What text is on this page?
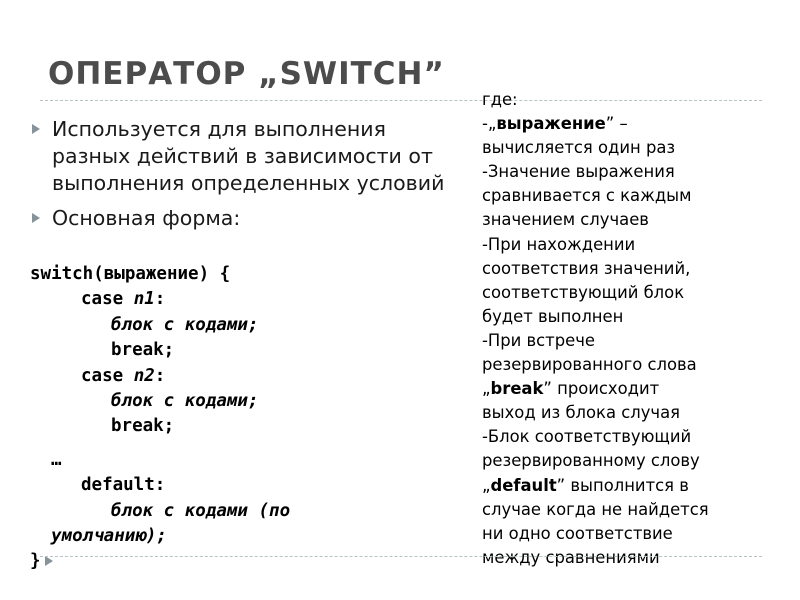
ОПЕРАТОР „SWITCH”
Используется для выполнения разных действий в зависимости от выполнения определенных условий
Основная форма:
switch(выражение) {
case n1:
блок с кодами;
break;
case n2:
блок с кодами;
break;
…
default:
блок с кодами (по умолчанию);
}
где:
-„выражение” –
вычисляется один раз
-Значение выражения
сравнивается с каждым
значением случаев
-При нахождении
соответствия значений,
соответствующий блок
будет выполнен
-При встрече
резервированного слова
„break” происходит
выход из блока случая
-Блок соответствующий
резервированному слову
„default” выполнится в
случае когда не найдется
ни одно соответствие
между сравнениями
